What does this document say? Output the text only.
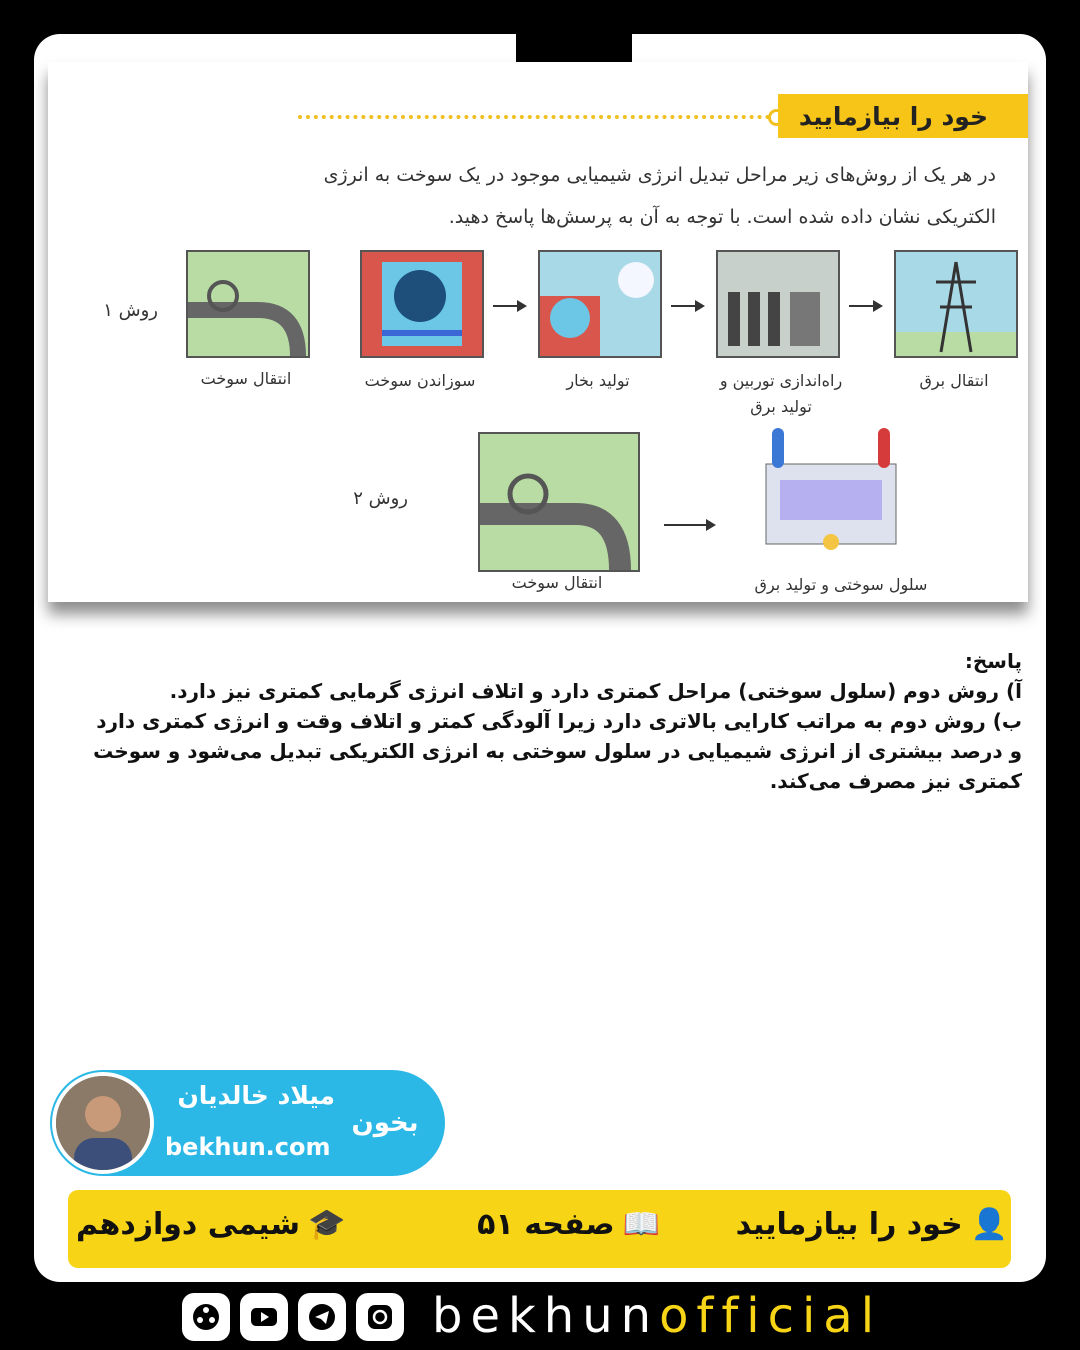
خود را بیازمایید
در هر یک از روش‌های زیر مراحل تبدیل انرژی شیمیایی موجود در یک سوخت به انرژی الکتریکی نشان داده شده است. با توجه به آن به پرسش‌ها پاسخ دهید.
روش ۱
روش ۲
انتقال سوخت	سوزاندن سوخت	تولید بخار	راه‌اندازی توربین و تولید برق
انتقال برق
انتقال سوخت	سلول سوختی و تولید برق

پاسخ:

آ) روش دوم (سلول سوختی) مراحل کمتری دارد و اتلاف انرژی گرمایی کمتری نیز دارد.

ب) روش دوم به مراتب کارایی بالاتری دارد زیرا آلودگی کمتر و اتلاف وقت و انرژی کمتری دارد و درصد بیشتری از انرژی شیمیایی در سلول سوختی به انرژی الکتریکی تبدیل می‌شود و سوخت کمتری نیز مصرف می‌کند.

میلاد خالدیان
bekhun.com
بخون
👤
خود را بیازمایید
📖
صفحه ۵۱
🎓
شیمی دوازدهم
bekhunofficial
